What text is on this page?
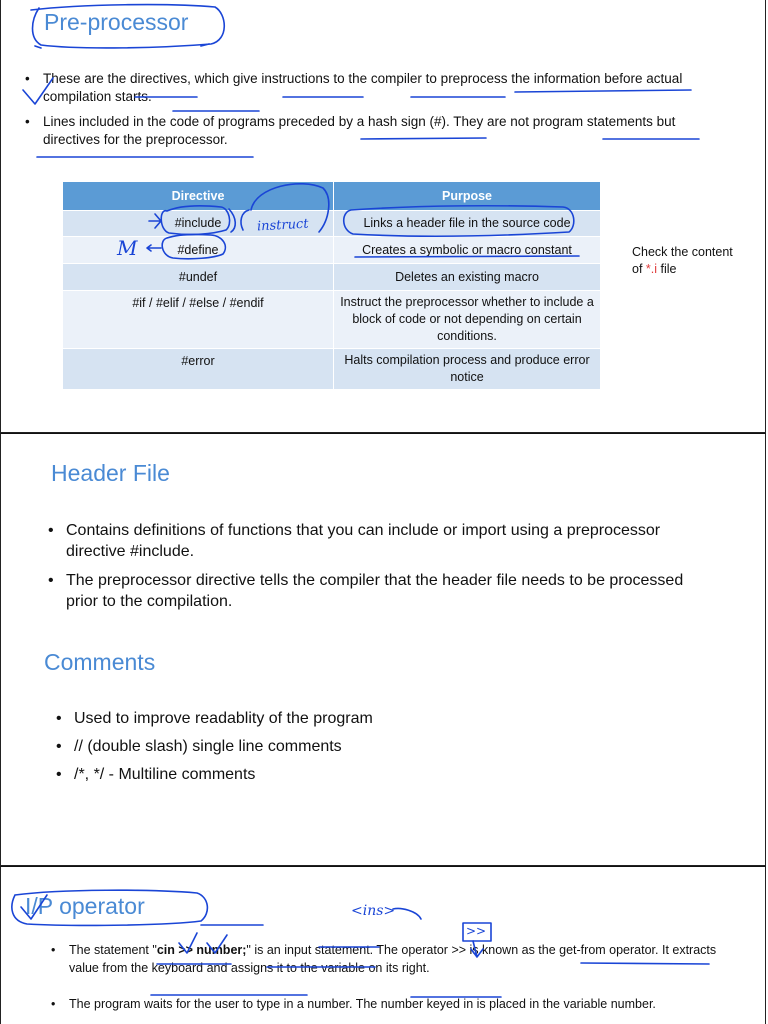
Pre-processor
• These are the directives, which give instructions to the compiler to preprocess the information before actual compilation starts.
• Lines included in the code of programs preceded by a hash sign (#). They are not program statements but directives for the preprocessor.
Directive	Purpose
#include	Links a header file in the source code
#define	Creates a symbolic or macro constant
#undef	Deletes an existing macro
#if / #elif / #else / #endif	Instruct the preprocessor whether to include a block of code or not depending on certain conditions.
#error	Halts compilation process and produce error notice
Check the content
of *.i file
instruct
M
Header File
• Contains definitions of functions that you can include or import using a preprocessor directive #include.
• The preprocessor directive tells the compiler that the header file needs to be processed prior to the compilation.
Comments
• Used to improve readablity of the program
• // (double slash) single line comments
• /*, */ - Multiline comments
I/P operator
• The statement "cin >> number;" is an input statement. The operator >> is known as the get-from operator. It extracts value from the keyboard and assigns it to the variable on its right.
• The program waits for the user to type in a number. The number keyed in is placed in the variable number.
<ins>
>>
